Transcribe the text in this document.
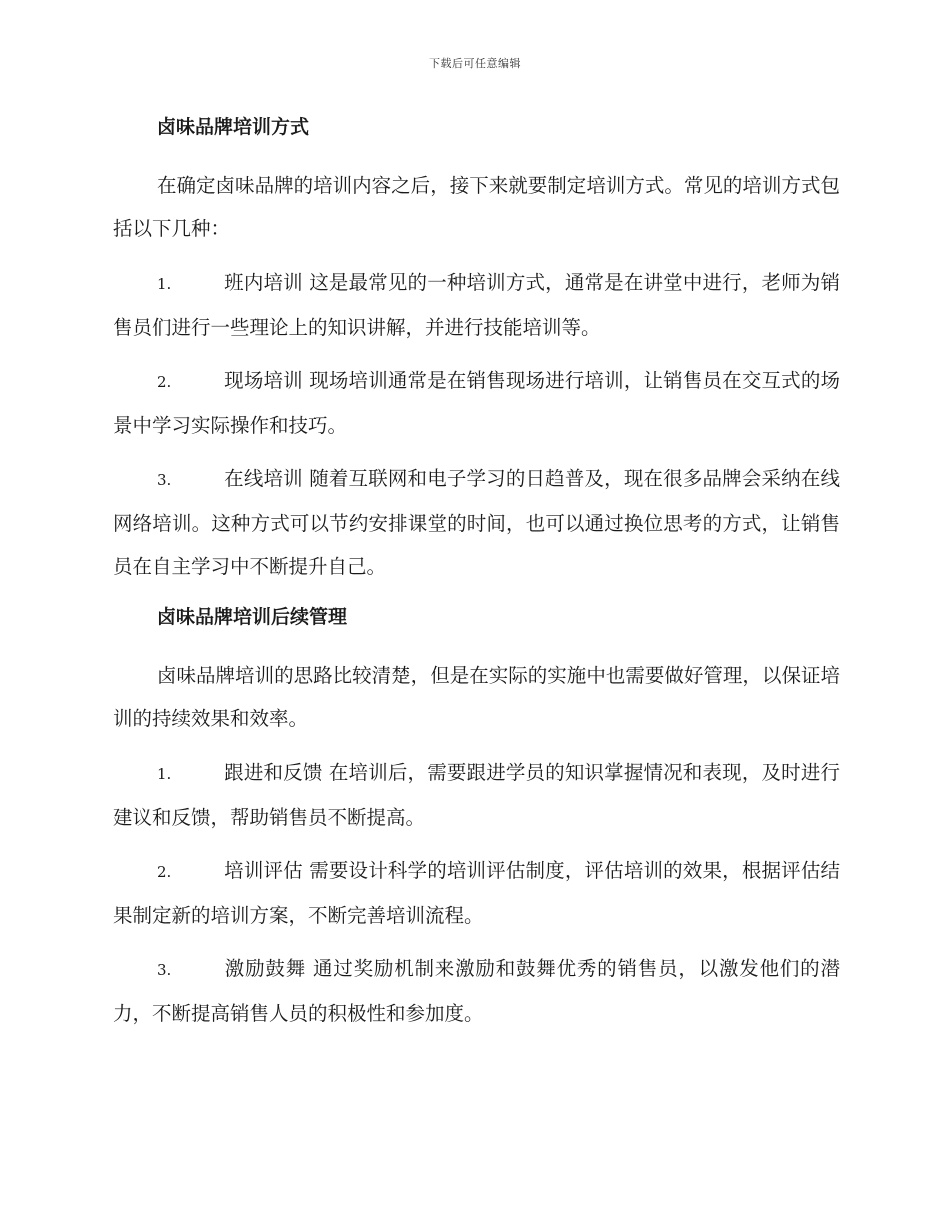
下载后可任意编辑
卤味品牌培训方式

在确定卤味品牌的培训内容之后，接下来就要制定培训方式。常见的培训方式包括以下几种：

1.	班内培训 这是最常见的一种培训方式，通常是在讲堂中进行，老师为销售员们进行一些理论上的知识讲解，并进行技能培训等。

2.	现场培训 现场培训通常是在销售现场进行培训，让销售员在交互式的场景中学习实际操作和技巧。

3.	在线培训 随着互联网和电子学习的日趋普及，现在很多品牌会采纳在线网络培训。这种方式可以节约安排课堂的时间，也可以通过换位思考的方式，让销售员在自主学习中不断提升自己。

卤味品牌培训后续管理

卤味品牌培训的思路比较清楚，但是在实际的实施中也需要做好管理，以保证培训的持续效果和效率。

1.	跟进和反馈 在培训后，需要跟进学员的知识掌握情况和表现，及时进行建议和反馈，帮助销售员不断提高。

2.	培训评估 需要设计科学的培训评估制度，评估培训的效果，根据评估结果制定新的培训方案，不断完善培训流程。

3.	激励鼓舞 通过奖励机制来激励和鼓舞优秀的销售员，以激发他们的潜力，不断提高销售人员的积极性和参加度。
